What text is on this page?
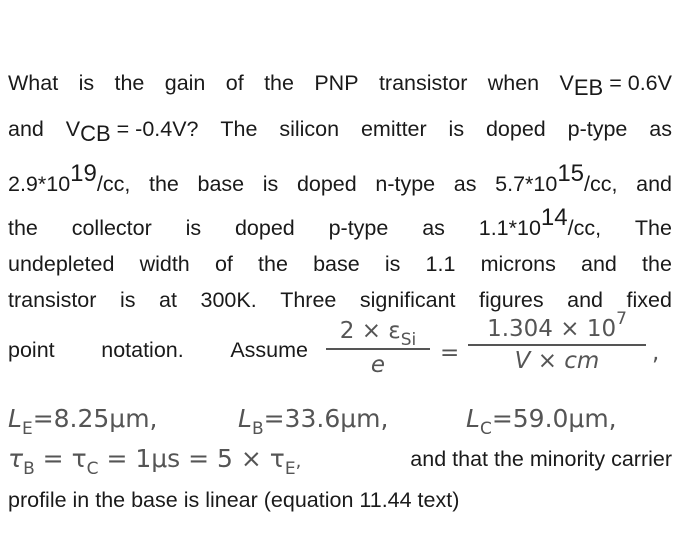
What is the gain of the PNP transistor when VEB = 0.6V
and VCB = -0.4V? The silicon emitter is doped p-type as
2.9*1019/cc, the base is doped n-type as 5.7*1015/cc, and
the collector is doped p-type as 1.1*1014/cc, The
undepleted width of the base is 1.1 microns and the
transistor is at 300K. Three significant figures and fixed
point notation. Assume
$2 \times \varepsilon_{Si}$
e =
$1.304 \times 10^7$
V × cm ,
$L_E=8.25\mu m$,	$L_B=33.6\mu m$,	$L_C=59.0\mu m$,
$\tau_B = \tau_C = 1\mu s = 5 \times \tau_E$,	and that the minority carrier
profile in the base is linear (equation 11.44 text)
